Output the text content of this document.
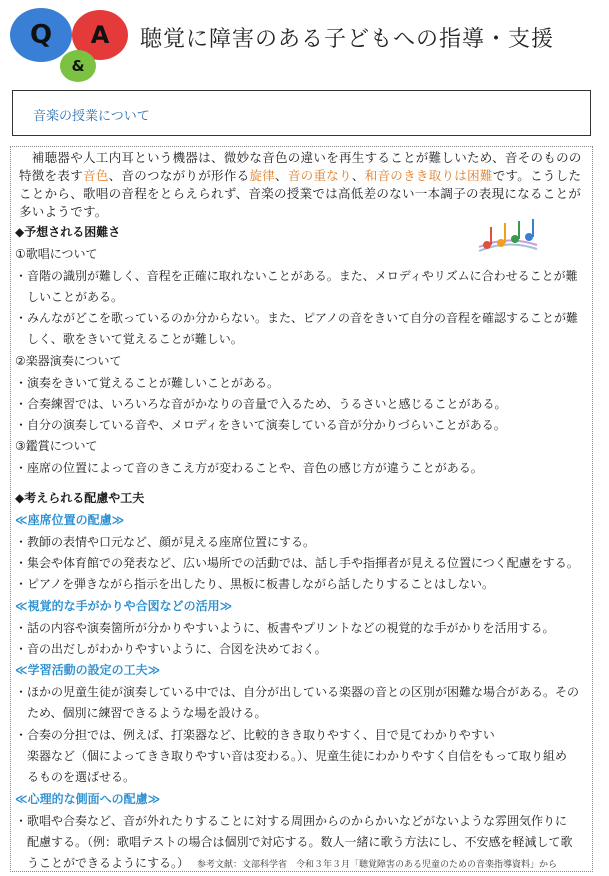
Q A
&
聴覚に障害のある子どもへの指導・支援
音楽の授業について
　補聴器や人工内耳という機器は、微妙な音色の違いを再生することが難しいため、音そのものの特徴を表す音色、音のつながりが形作る旋律、音の重なり、和音のきき取りは困難です。こうしたことから、歌唱の音程をとらえられず、音楽の授業では高低差のない一本調子の表現になることが多いようです。
◆予想される困難さ
①歌唱について
・音階の識別が難しく、音程を正確に取れないことがある。また、メロディやリズムに合わせることが難
　しいことがある。
・みんながどこを歌っているのか分からない。また、ピアノの音をきいて自分の音程を確認することが難
　しく、歌をきいて覚えることが難しい。
②楽器演奏について
・演奏をきいて覚えることが難しいことがある。
・合奏練習では、いろいろな音がかなりの音量で入るため、うるさいと感じることがある。
・自分の演奏している音や、メロディをきいて演奏している音が分かりづらいことがある。
③鑑賞について
・座席の位置によって音のきこえ方が変わることや、音色の感じ方が違うことがある。
◆考えられる配慮や工夫
≪座席位置の配慮≫
・教師の表情や口元など、顔が見える座席位置にする。
・集会や体育館での発表など、広い場所での活動では、話し手や指揮者が見える位置につく配慮をする。
・ピアノを弾きながら指示を出したり、黒板に板書しながら話したりすることはしない。
≪視覚的な手がかりや合図などの活用≫
・話の内容や演奏箇所が分かりやすいように、板書やプリントなどの視覚的な手がかりを活用する。
・音の出だしがわかりやすいように、合図を決めておく。
≪学習活動の設定の工夫≫
・ほかの児童生徒が演奏している中では、自分が出している楽器の音との区別が困難な場合がある。その
　ため、個別に練習できるような場を設ける。
・合奏の分担では、例えば、打楽器など、比較的きき取りやすく、目で見てわかりやすい
　楽器など（個によってきき取りやすい音は変わる。）、児童生徒にわかりやすく自信をもって取り組め
　るものを選ばせる。
≪心理的な側面への配慮≫
・歌唱や合奏など、音が外れたりすることに対する周囲からのからかいなどがないような雰囲気作りに
　配慮する。（例：歌唱テストの場合は個別で対応する。数人一緒に歌う方法にし、不安感を軽減して歌
　うことができるようにする。） 参考文献：文部科学省　令和３年３月「聴覚障害のある児童のための音楽指導資料」から
